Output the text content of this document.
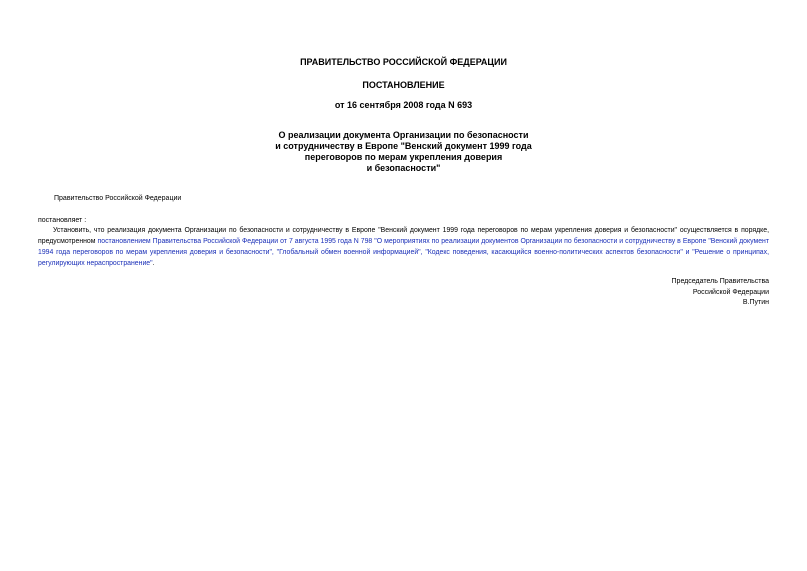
ПРАВИТЕЛЬСТВО РОССИЙСКОЙ ФЕДЕРАЦИИ
ПОСТАНОВЛЕНИЕ
от 16 сентября 2008 года N 693
О реализации документа Организации по безопасности
и сотрудничеству в Европе "Венский документ 1999 года
переговоров по мерам укрепления доверия
и безопасности"
Правительство Российской Федерации
постановляет :
Установить, что реализация документа Организации по безопасности и сотрудничеству в Европе "Венский документ 1999 года переговоров по мерам укрепления доверия и безопасности" осуществляется в порядке, предусмотренном постановлением Правительства Российской Федерации от 7 августа 1995 года N 798 "О мероприятиях по реализации документов Организации по безопасности и сотрудничеству в Европе "Венский документ 1994 года переговоров по мерам укрепления доверия и безопасности", "Глобальный обмен военной информацией", "Кодекс поведения, касающийся военно-политических аспектов безопасности" и "Решение о принципах, регулирующих нераспространение".
Председатель Правительства
Российской Федерации
В.Путин
